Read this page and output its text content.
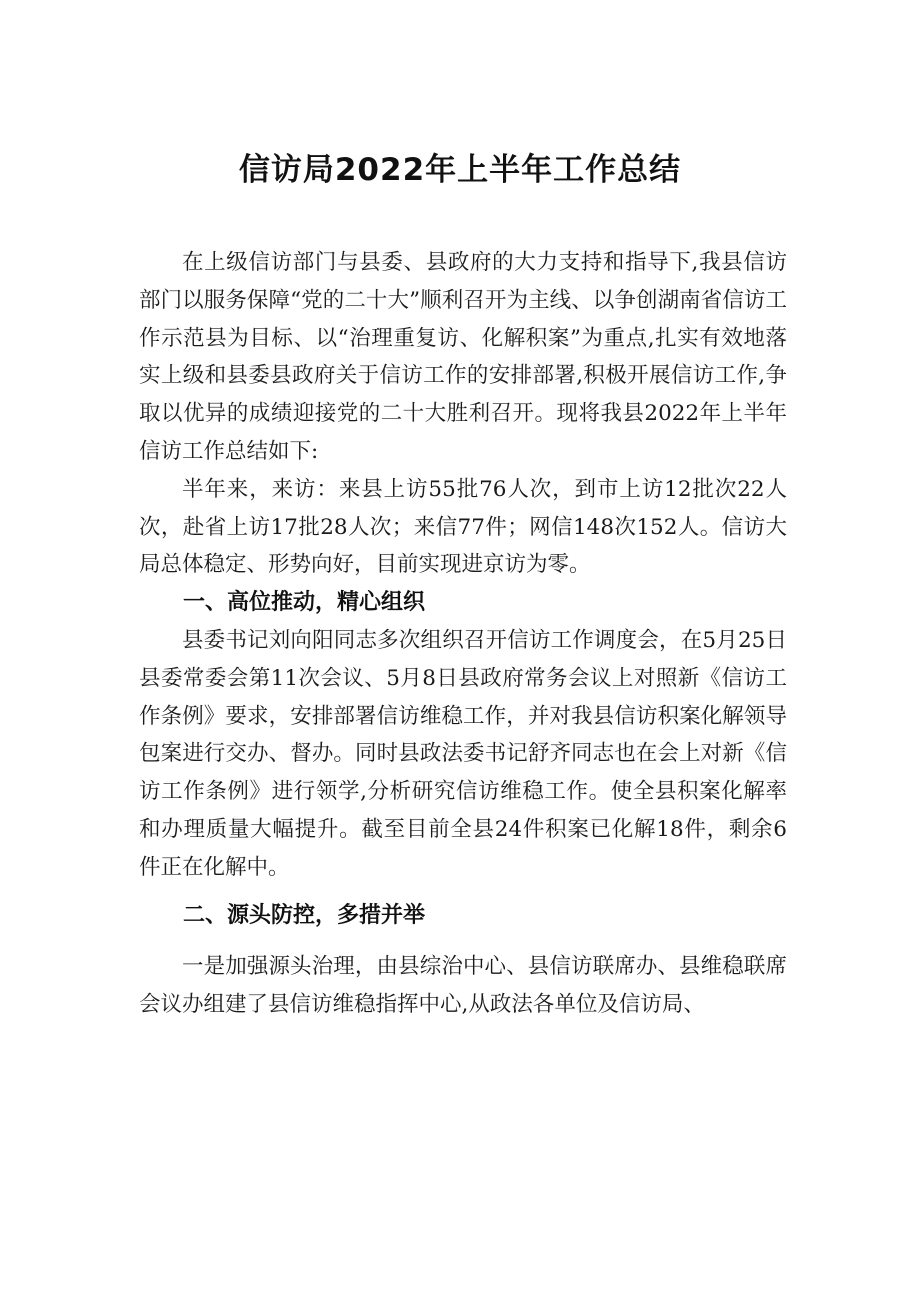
信访局2022年上半年工作总结

在上级信访部门与县委、县政府的大力支持和指导下,我县信访部门以服务保障“党的二十大”顺利召开为主线、以争创湖南省信访工作示范县为目标、以“治理重复访、化解积案”为重点,扎实有效地落实上级和县委县政府关于信访工作的安排部署,积极开展信访工作,争取以优异的成绩迎接党的二十大胜利召开。现将我县2022年上半年信访工作总结如下:

半年来，来访：来县上访55批76人次，到市上访12批次22人次，赴省上访17批28人次；来信77件；网信148次152人。信访大局总体稳定、形势向好，目前实现进京访为零。

一、高位推动，精心组织

县委书记刘向阳同志多次组织召开信访工作调度会，在5月25日县委常委会第11次会议、5月8日县政府常务会议上对照新《信访工作条例》要求，安排部署信访维稳工作，并对我县信访积案化解领导包案进行交办、督办。同时县政法委书记舒齐同志也在会上对新《信访工作条例》进行领学,分析研究信访维稳工作。使全县积案化解率和办理质量大幅提升。截至目前全县24件积案已化解18件，剩余6件正在化解中。

二、源头防控，多措并举

一是加强源头治理，由县综治中心、县信访联席办、县维稳联席会议办组建了县信访维稳指挥中心,从政法各单位及信访局、
